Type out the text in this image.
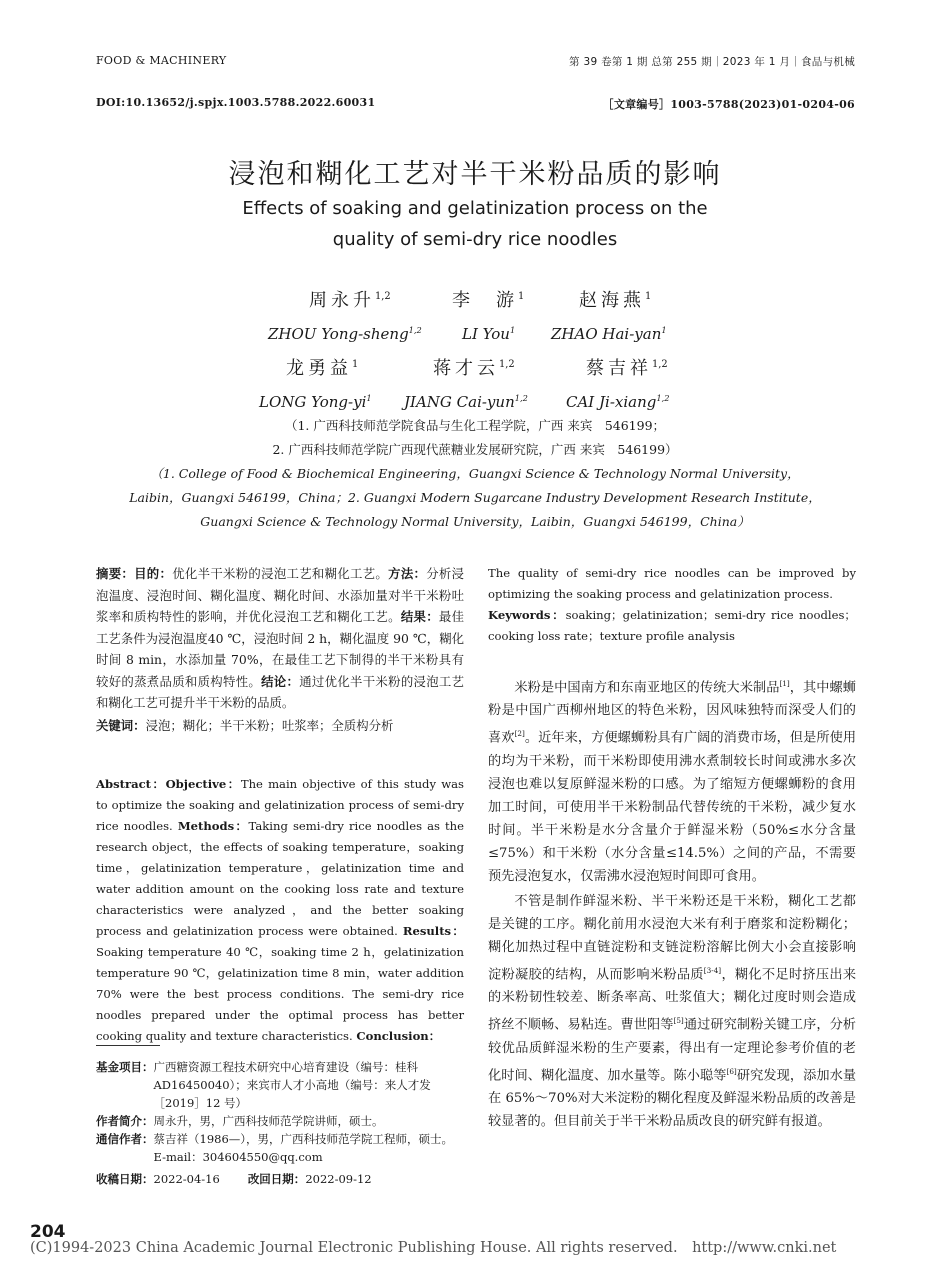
FOOD & MACHINERY	第 39 卷第 1 期 总第 255 期｜2023 年 1 月｜食品与机械
DOI:10.13652/j.spjx.1003.5788.2022.60031	［文章编号］1003-5788(2023)01-0204-06
浸泡和糊化工艺对半干米粉品质的影响
Effects of soaking and gelatinization process on the
quality of semi-dry rice noodles
周永升$^{1,2}$	李　游$^1$	赵海燕$^1$
ZHOU Yong-sheng$^{1,2}$	LI You$^1$ ZHAO Hai-yan$^1$
龙勇益$^1$	蒋才云$^{1,2}$	蔡吉祥$^{1,2}$
LONG Yong-$yi^1$ JIANG Cai-yun$^{1,2}$	CAI Ji-xiang$^{1,2}$
（1. 广西科技师范学院食品与生化工程学院，广西 来宾　546199；
2. 广西科技师范学院广西现代蔗糖业发展研究院，广西 来宾　546199）
（1. College of Food & Biochemical Engineering，Guangxi Science & Technology Normal University，
Laibin，Guangxi 546199，China；2. Guangxi Modern Sugarcane Industry Development Research Institute，
Guangxi Science & Technology Normal University，Laibin，Guangxi 546199，China）

摘要：目的：优化半干米粉的浸泡工艺和糊化工艺。方法：分析浸泡温度、浸泡时间、糊化温度、糊化时间、水添加量对半干米粉吐浆率和质构特性的影响，并优化浸泡工艺和糊化工艺。结果：最佳工艺条件为浸泡温度40 ℃，浸泡时间 2 h，糊化温度 90 ℃，糊化时间 8 min，水添加量 70%，在最佳工艺下制得的半干米粉具有较好的蒸煮品质和质构特性。结论：通过优化半干米粉的浸泡工艺和糊化工艺可提升半干米粉的品质。

关键词：浸泡；糊化；半干米粉；吐浆率；全质构分析

Abstract：Objective：The main objective of this study was to optimize the soaking and gelatinization process of semi-dry rice noodles. Methods：Taking semi-dry rice noodles as the research object，the effects of soaking temperature，soaking time，gelatinization temperature，gelatinization time and water addition amount on the cooking loss rate and texture characteristics were analyzed，and the better soaking process and gelatinization process were obtained. Results：Soaking temperature 40 ℃，soaking time 2 h，gelatinization temperature 90 ℃，gelatinization time 8 min，water addition 70% were the best process conditions. The semi-dry rice noodles prepared under the optimal process has better cooking quality and texture characteristics. Conclusion：

基金项目： 广西糖资源工程技术研究中心培育建设（编号：桂科AD16450040）；来宾市人才小高地（编号：来人才发［2019］12 号）
作者简介： 周永升，男，广西科技师范学院讲师，硕士。
通信作者： 蔡吉祥（1986—），男，广西科技师范学院工程师，硕士。
E-mail：304604550@qq.com
收稿日期： 2022-04-16 改回日期： 2022-09-12

The quality of semi-dry rice noodles can be improved by optimizing the soaking process and gelatinization process.

Keywords：soaking；gelatinization；semi-dry rice noodles；cooking loss rate；texture profile analysis

米粉是中国南方和东南亚地区的传统大米制品[1]，其中螺蛳粉是中国广西柳州地区的特色米粉，因风味独特而深受人们的喜欢[2]。近年来，方便螺蛳粉具有广阔的消费市场，但是所使用的均为干米粉，而干米粉即使用沸水煮制较长时间或沸水多次浸泡也难以复原鲜湿米粉的口感。为了缩短方便螺蛳粉的食用加工时间，可使用半干米粉制品代替传统的干米粉，减少复水时间。半干米粉是水分含量介于鲜湿米粉（50%≤水分含量≤75%）和干米粉（水分含量≤14.5%）之间的产品，不需要预先浸泡复水，仅需沸水浸泡短时间即可食用。

不管是制作鲜湿米粉、半干米粉还是干米粉，糊化工艺都是关键的工序。糊化前用水浸泡大米有利于磨浆和淀粉糊化；糊化加热过程中直链淀粉和支链淀粉溶解比例大小会直接影响淀粉凝胶的结构，从而影响米粉品质[3-4]，糊化不足时挤压出来的米粉韧性较差、断条率高、吐浆值大；糊化过度时则会造成挤丝不顺畅、易粘连。曹世阳等[5]通过研究制粉关键工序，分析较优品质鲜湿米粉的生产要素，得出有一定理论参考价值的老化时间、糊化温度、加水量等。陈小聪等[6]研究发现，添加水量在 65%～70%对大米淀粉的糊化程度及鲜湿米粉品质的改善是较显著的。但目前关于半干米粉品质改良的研究鲜有报道。

204
(C)1994-2023 China Academic Journal Electronic Publishing House. All rights reserved.　http://www.cnki.net
